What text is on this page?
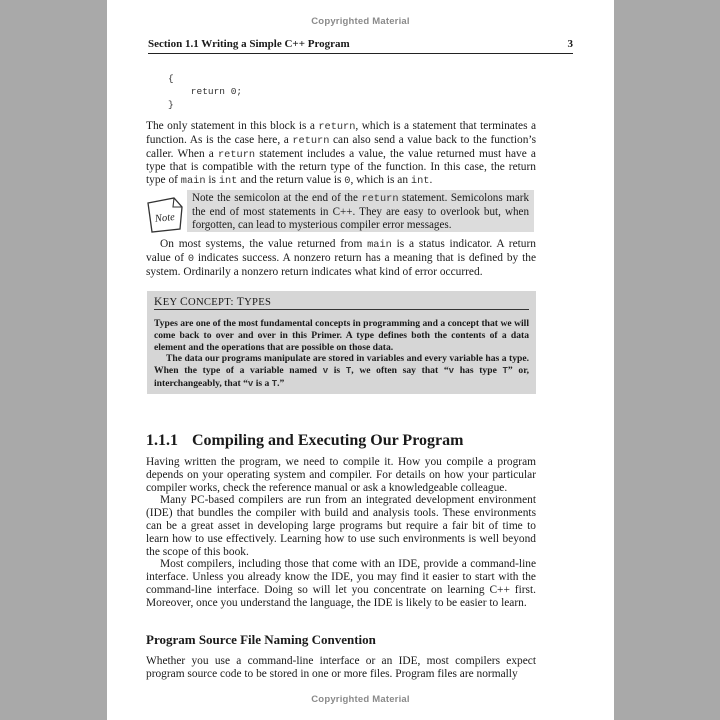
Copyrighted Material
Section 1.1 Writing a Simple C++ Program	3
{
return 0;
}

The only statement in this block is a return, which is a statement that terminates a function. As is the case here, a return can also send a value back to the function’s caller. When a return statement includes a value, the value returned must have a type that is compatible with the return type of the function. In this case, the return type of main is int and the return value is 0, which is an int.

Note
Note the semicolon at the end of the return statement. Semicolons mark the end of most statements in C++. They are easy to overlook but, when forgotten, can lead to mysterious compiler error messages.

On most systems, the value returned from main is a status indicator. A return value of 0 indicates success. A nonzero return has a meaning that is defined by the system. Ordinarily a nonzero return indicates what kind of error occurred.

KEY CONCEPT: TYPES

Types are one of the most fundamental concepts in programming and a concept that we will come back to over and over in this Primer. A type defines both the contents of a data element and the operations that are possible on those data.

The data our programs manipulate are stored in variables and every variable has a type. When the type of a variable named v is T, we often say that “v has type T” or, interchangeably, that “v is a T.”

1.1.1 Compiling and Executing Our Program

Having written the program, we need to compile it. How you compile a program depends on your operating system and compiler. For details on how your particular compiler works, check the reference manual or ask a knowledgeable colleague.

Many PC-based compilers are run from an integrated development environment (IDE) that bundles the compiler with build and analysis tools. These environments can be a great asset in developing large programs but require a fair bit of time to learn how to use effectively. Learning how to use such environments is well beyond the scope of this book.

Most compilers, including those that come with an IDE, provide a command-line interface. Unless you already know the IDE, you may find it easier to start with the command-line interface. Doing so will let you concentrate on learning C++ first. Moreover, once you understand the language, the IDE is likely to be easier to learn.

Program Source File Naming Convention
Whether you use a command-line interface or an IDE, most compilers expect program source code to be stored in one or more files. Program files are normally
Copyrighted Material
